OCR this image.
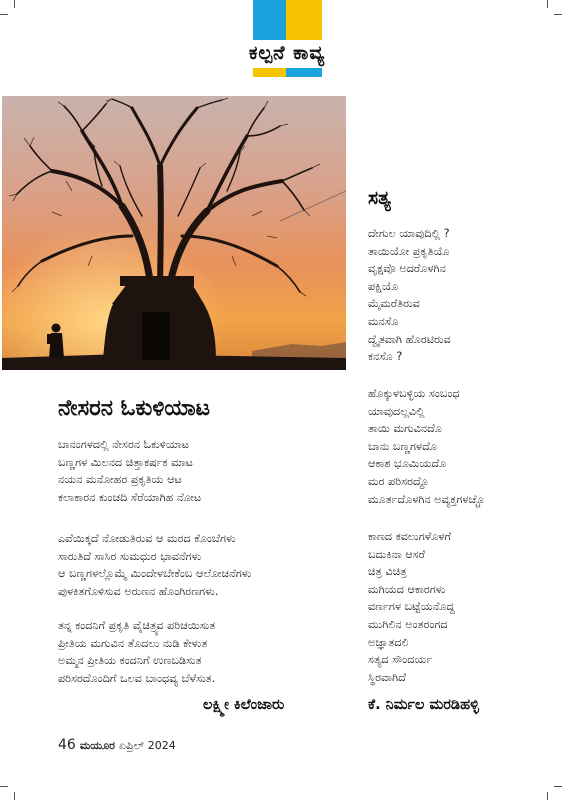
ಕಲ್ಪನೆ ಕಾವ್ಯ
ಸತ್ಯ
ದೇಗುಲ ಯಾವುದಿಲ್ಲಿ ?
ತಾಯಿಯೋ ಪ್ರಕೃತಿಯೊ
ವೃಕ್ಷವೊ ಅದರೊಳಗಿನ
ಪಕ್ಷಿಯೊ
ಮೈಮರೆತಿರುವ
ಮನಸೊ
ದ್ವೈತವಾಗಿ ಹೊರಟಿರುವ
ಕನಸೊ ?
ಹೊಕ್ಕುಳಬಳ್ಳಿಯ ಸಂಬಂಧ
ಯಾವುದಲ್ಲವಿಲ್ಲಿ
ತಾಯಿ ಮಗುವಿನದೊ
ಬಾನು ಬಣ್ಣಗಳದೊ
ಆಕಾಶ ಭೂಮಿಯದೊ
ಮರ ಪರಿಸರದ್ದೊ
ಮೂರ್ತದೊಳಗಿನ ಅವ್ಯಕ್ತಗಳಚ್ಚೊ
ಕಾಣದ ಕವಲುಗಳೊಳಗೆ
ಬದುಕಿನಾ ಆಸರೆ
ಚಿತ್ರ ವಿಚಿತ್ರ
ಮಗಿಯದ ಆಕಾರಗಳು
ವರ್ಣಗಳ ಬಟ್ಟೆಯನೊದ್ದ
ಮುಗಿಲಿನ ಅಂತರಂಗದ
ಅಜ್ಞಾತದಲಿ
ಸತ್ಯದ ಸೌಂದರ್ಯ
ಸ್ಥಿರವಾಗಿದೆ
ಕೆ. ನಿರ್ಮಲ ಮರಡಿಹಳ್ಳಿ
ನೇಸರನ ಓಕುಳಿಯಾಟ
ಬಾನಂಗಳದಲ್ಲಿ ನೇಸರನ ಓಕುಳಿಯಾಟ
ಬಣ್ಣಗಳ ಮಿಲನದ ಚಿತ್ತಾಕರ್ಷಕ ಮಾಟ
ನಯನ ಮನೋಹರ ಪ್ರಕೃತಿಯ ಆಟ
ಕಲಾಕಾರನ ಕುಂಚದಿ ಸೆರೆಯಾಗಿಹ ನೋಟ
ಎವೆಯಿಕ್ಕದೆ ನೋಡುತಿರುವ ಆ ಮರದ ಕೊಂಬೆಗಳು
ಸಾರುತಿದೆ ಸಾಸಿರ ಸುಮಧುರ ಭಾವನೆಗಳು
ಆ ಬಣ್ಣಗಳಲ್ಲೊಮ್ಮೆ ಮಿಂದೇಳಬೇಕೆಂಬ ಆಲೋಚನೆಗಳು
ಪುಳಕಿತಗೊಳಿಸುವ ಅರುಣನ ಹೊಂಗಿರಣಗಳು.
ತನ್ನ ಕಂದನಿಗೆ ಪ್ರಕೃತಿ ವೈಚಿತ್ರ್ಯವ ಪರಿಚಯಿಸುತ
ಪ್ರೀತಿಯ ಮಗುವಿನ ತೊದಲು ನುಡಿ ಕೇಳುತ
ಅಮ್ಮನ ಪ್ರೀತಿಯ ಕಂದನಿಗೆ ಉಣಬಡಿಸುತ
ಪರಿಸರದೊಂದಿಗೆ ಒಲವ ಬಾಂಧವ್ಯ ಬೆಳೆಸುತ.
ಲಕ್ಷ್ಮೀ ಕಿಲೆಂಜಾರು
46 ಮಯೂರ ಏಪ್ರಿಲ್ 2024
